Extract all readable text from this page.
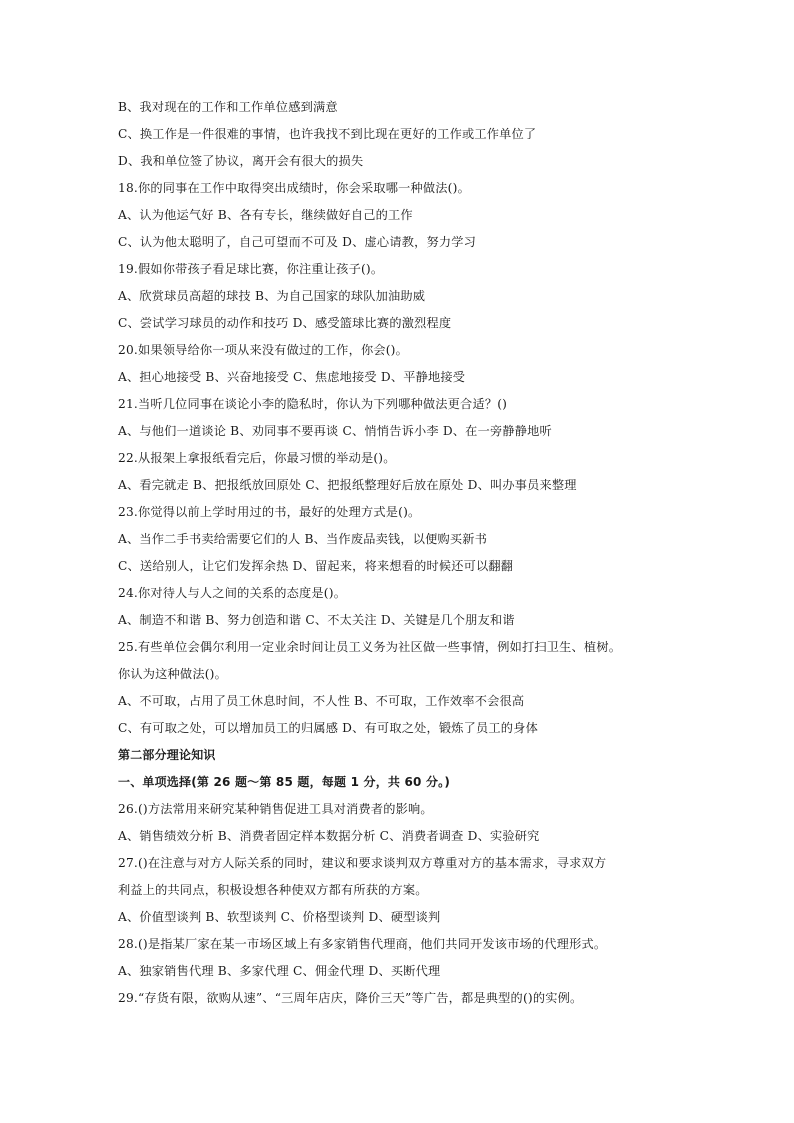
B、我对现在的工作和工作单位感到满意
C、换工作是一件很难的事情，也许我找不到比现在更好的工作或工作单位了
D、我和单位签了协议，离开会有很大的损失
18.你的同事在工作中取得突出成绩时，你会采取哪一种做法()。
A、认为他运气好 B、各有专长，继续做好自己的工作
C、认为他太聪明了，自己可望而不可及 D、虚心请教，努力学习
19.假如你带孩子看足球比赛，你注重让孩子()。
A、欣赏球员高超的球技 B、为自己国家的球队加油助威
C、尝试学习球员的动作和技巧 D、感受篮球比赛的激烈程度
20.如果领导给你一项从来没有做过的工作，你会()。
A、担心地接受 B、兴奋地接受 C、焦虑地接受 D、平静地接受
21.当听几位同事在谈论小李的隐私时，你认为下列哪种做法更合适？()
A、与他们一道谈论 B、劝同事不要再谈 C、悄悄告诉小李 D、在一旁静静地听
22.从报架上拿报纸看完后，你最习惯的举动是()。
A、看完就走 B、把报纸放回原处 C、把报纸整理好后放在原处 D、叫办事员来整理
23.你觉得以前上学时用过的书，最好的处理方式是()。
A、当作二手书卖给需要它们的人 B、当作废品卖钱，以便购买新书
C、送给别人，让它们发挥余热 D、留起来，将来想看的时候还可以翻翻
24.你对待人与人之间的关系的态度是()。
A、制造不和谐 B、努力创造和谐 C、不太关注 D、关键是几个朋友和谐
25.有些单位会偶尔利用一定业余时间让员工义务为社区做一些事情，例如打扫卫生、植树。
你认为这种做法()。
A、不可取，占用了员工休息时间，不人性 B、不可取，工作效率不会很高
C、有可取之处，可以增加员工的归属感 D、有可取之处，锻炼了员工的身体
第二部分理论知识
一、单项选择(第 26 题～第 85 题，每题 1 分，共 60 分。)
26.()方法常用来研究某种销售促进工具对消费者的影响。
A、销售绩效分析 B、消费者固定样本数据分析 C、消费者调查 D、实验研究
27.()在注意与对方人际关系的同时，建议和要求谈判双方尊重对方的基本需求，寻求双方
利益上的共同点，积极设想各种使双方都有所获的方案。
A、价值型谈判 B、软型谈判 C、价格型谈判 D、硬型谈判
28.()是指某厂家在某一市场区域上有多家销售代理商，他们共同开发该市场的代理形式。
A、独家销售代理 B、多家代理 C、佣金代理 D、买断代理
29.“存货有限，欲购从速”、“三周年店庆，降价三天”等广告，都是典型的()的实例。
